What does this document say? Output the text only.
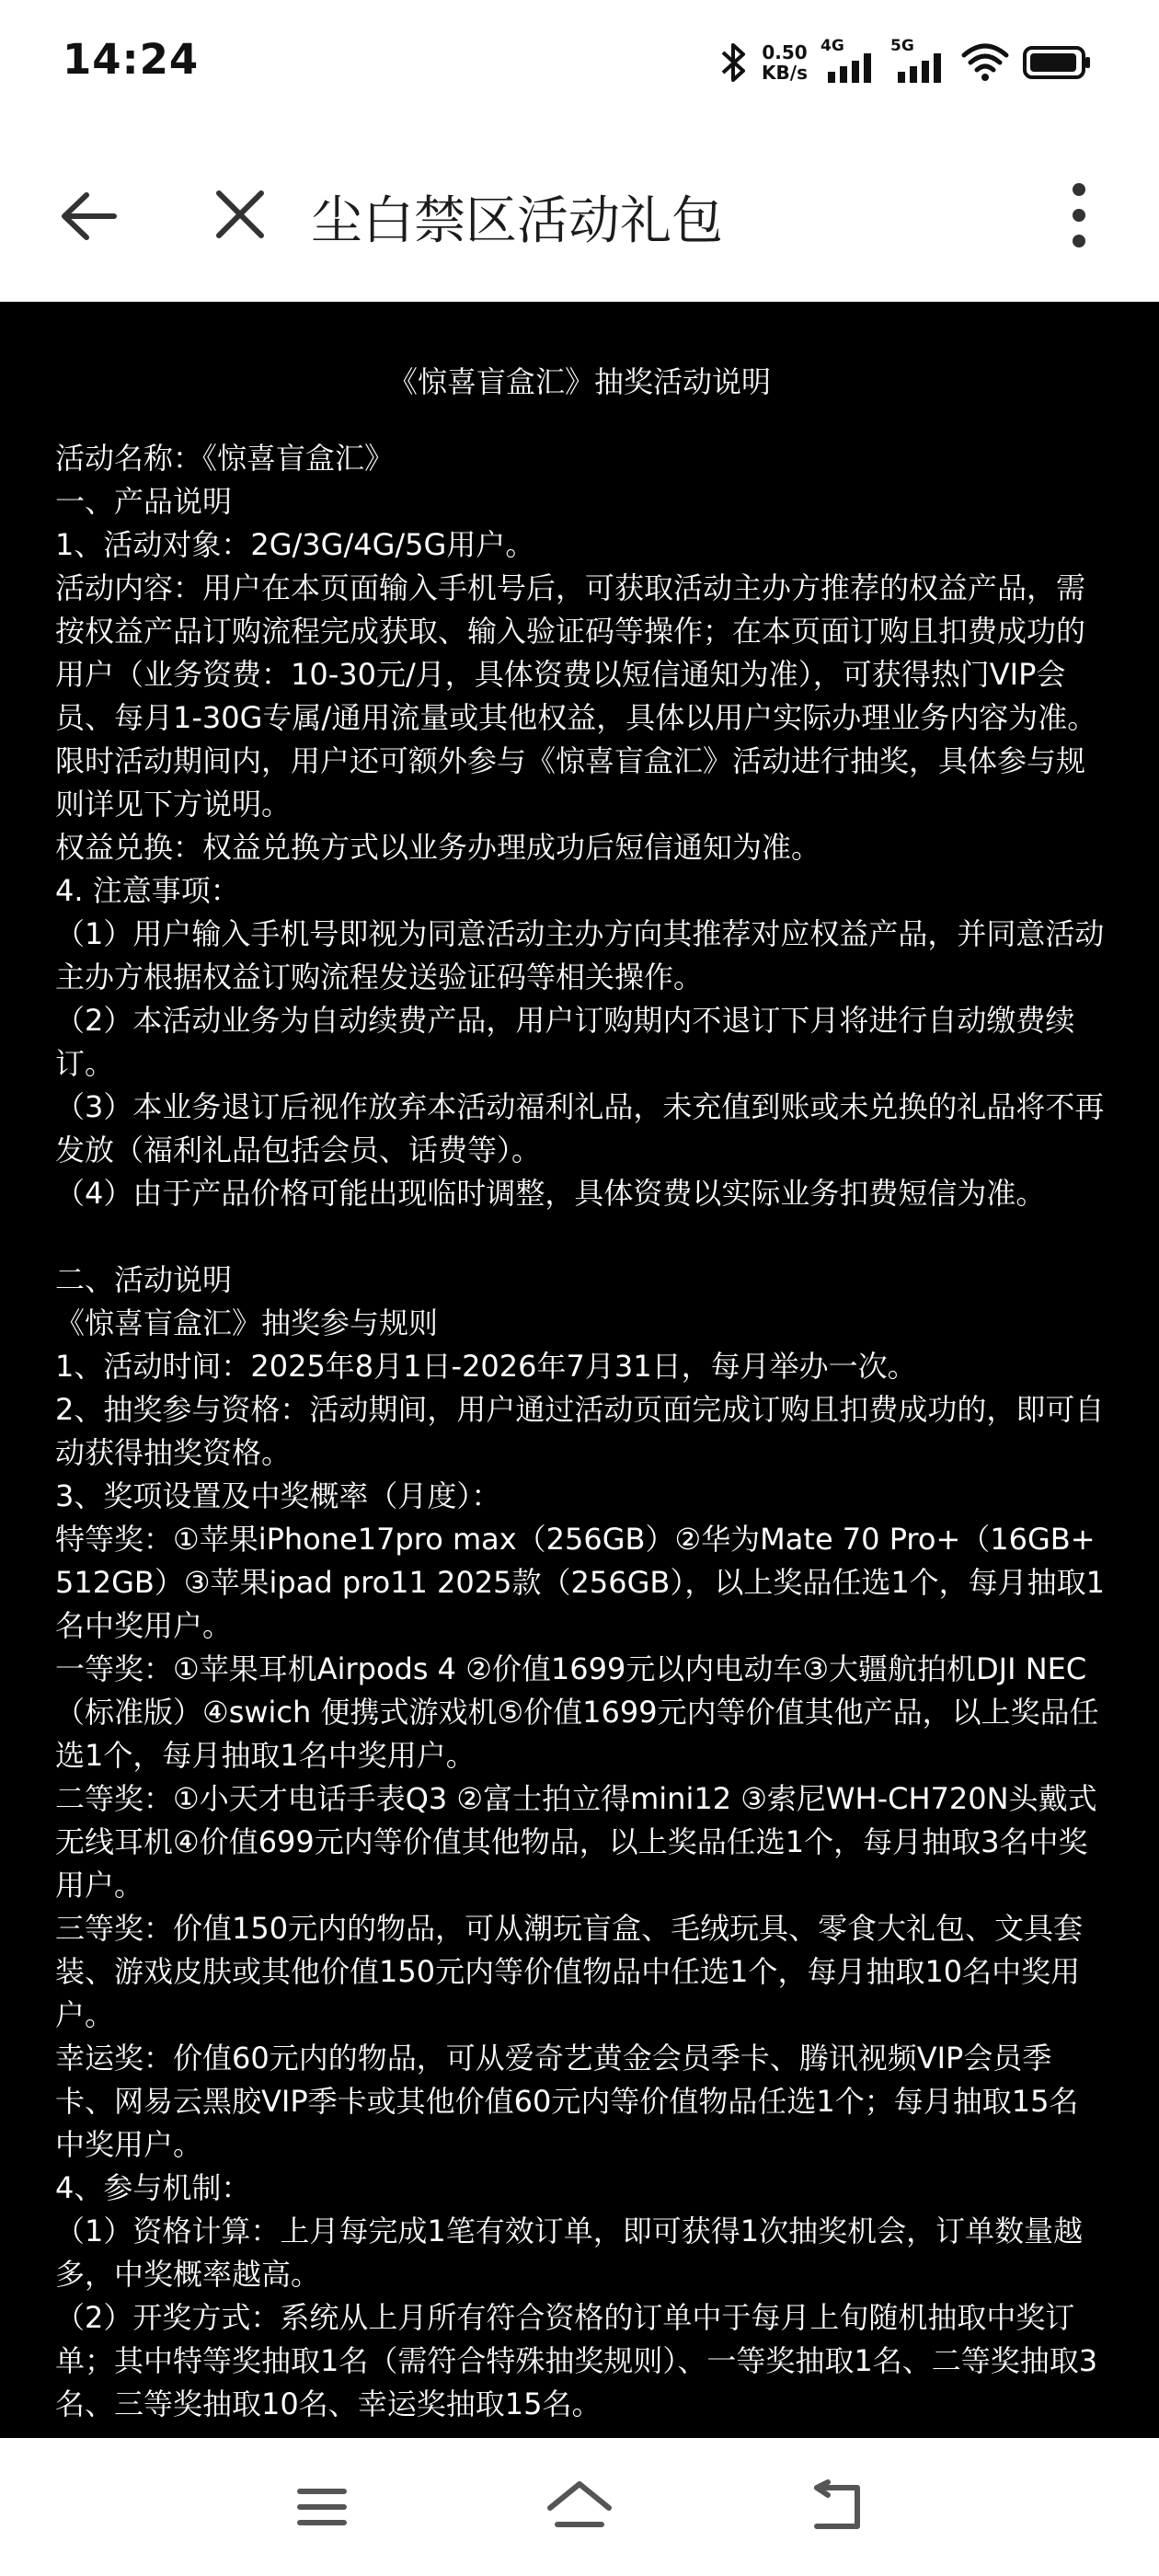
14:24	0.50
KB/s
4G	5G
尘白禁区活动礼包
《惊喜盲盒汇》抽奖活动说明

活动名称：《惊喜盲盒汇》

一、产品说明

1、活动对象：2G/3G/4G/5G用户。

活动内容：用户在本页面输入手机号后，可获取活动主办方推荐的权益产品，需按权益产品订购流程完成获取、输入验证码等操作；在本页面订购且扣费成功的用户（业务资费：10-30元/月，具体资费以短信通知为准），可获得热门VIP会员、每月1-30G专属/通用流量或其他权益，具体以用户实际办理业务内容为准。限时活动期间内，用户还可额外参与《惊喜盲盒汇》活动进行抽奖，具体参与规则详见下方说明。

权益兑换：权益兑换方式以业务办理成功后短信通知为准。

4. 注意事项：

（1）用户输入手机号即视为同意活动主办方向其推荐对应权益产品，并同意活动主办方根据权益订购流程发送验证码等相关操作。

（2）本活动业务为自动续费产品，用户订购期内不退订下月将进行自动缴费续订。

（3）本业务退订后视作放弃本活动福利礼品，未充值到账或未兑换的礼品将不再发放（福利礼品包括会员、话费等）。

（4）由于产品价格可能出现临时调整，具体资费以实际业务扣费短信为准。

二、活动说明

《惊喜盲盒汇》抽奖参与规则

1、活动时间：2025年8月1日-2026年7月31日，每月举办一次。

2、抽奖参与资格：活动期间，用户通过活动页面完成订购且扣费成功的，即可自动获得抽奖资格。

3、奖项设置及中奖概率（月度）：

特等奖：①苹果iPhone17pro max（256GB）②华为Mate 70 Pro+（16GB+512GB）③苹果ipad pro11 2025款（256GB），以上奖品任选1个，每月抽取1名中奖用户。

一等奖：①苹果耳机Airpods 4 ②价值1699元以内电动车③大疆航拍机DJI NEC（标准版）④swich 便携式游戏机⑤价值1699元内等价值其他产品，以上奖品任选1个，每月抽取1名中奖用户。

二等奖：①小天才电话手表Q3 ②富士拍立得mini12 ③索尼WH-CH720N头戴式无线耳机④价值699元内等价值其他物品，以上奖品任选1个，每月抽取3名中奖用户。

三等奖：价值150元内的物品，可从潮玩盲盒、毛绒玩具、零食大礼包、文具套装、游戏皮肤或其他价值150元内等价值物品中任选1个，每月抽取10名中奖用户。

幸运奖：价值60元内的物品，可从爱奇艺黄金会员季卡、腾讯视频VIP会员季卡、网易云黑胶VIP季卡或其他价值60元内等价值物品任选1个；每月抽取15名中奖用户。

4、参与机制：

（1）资格计算：上月每完成1笔有效订单，即可获得1次抽奖机会，订单数量越多，中奖概率越高。

（2）开奖方式：系统从上月所有符合资格的订单中于每月上旬随机抽取中奖订单；其中特等奖抽取1名（需符合特殊抽奖规则）、一等奖抽取1名、二等奖抽取3名、三等奖抽取10名、幸运奖抽取15名。
